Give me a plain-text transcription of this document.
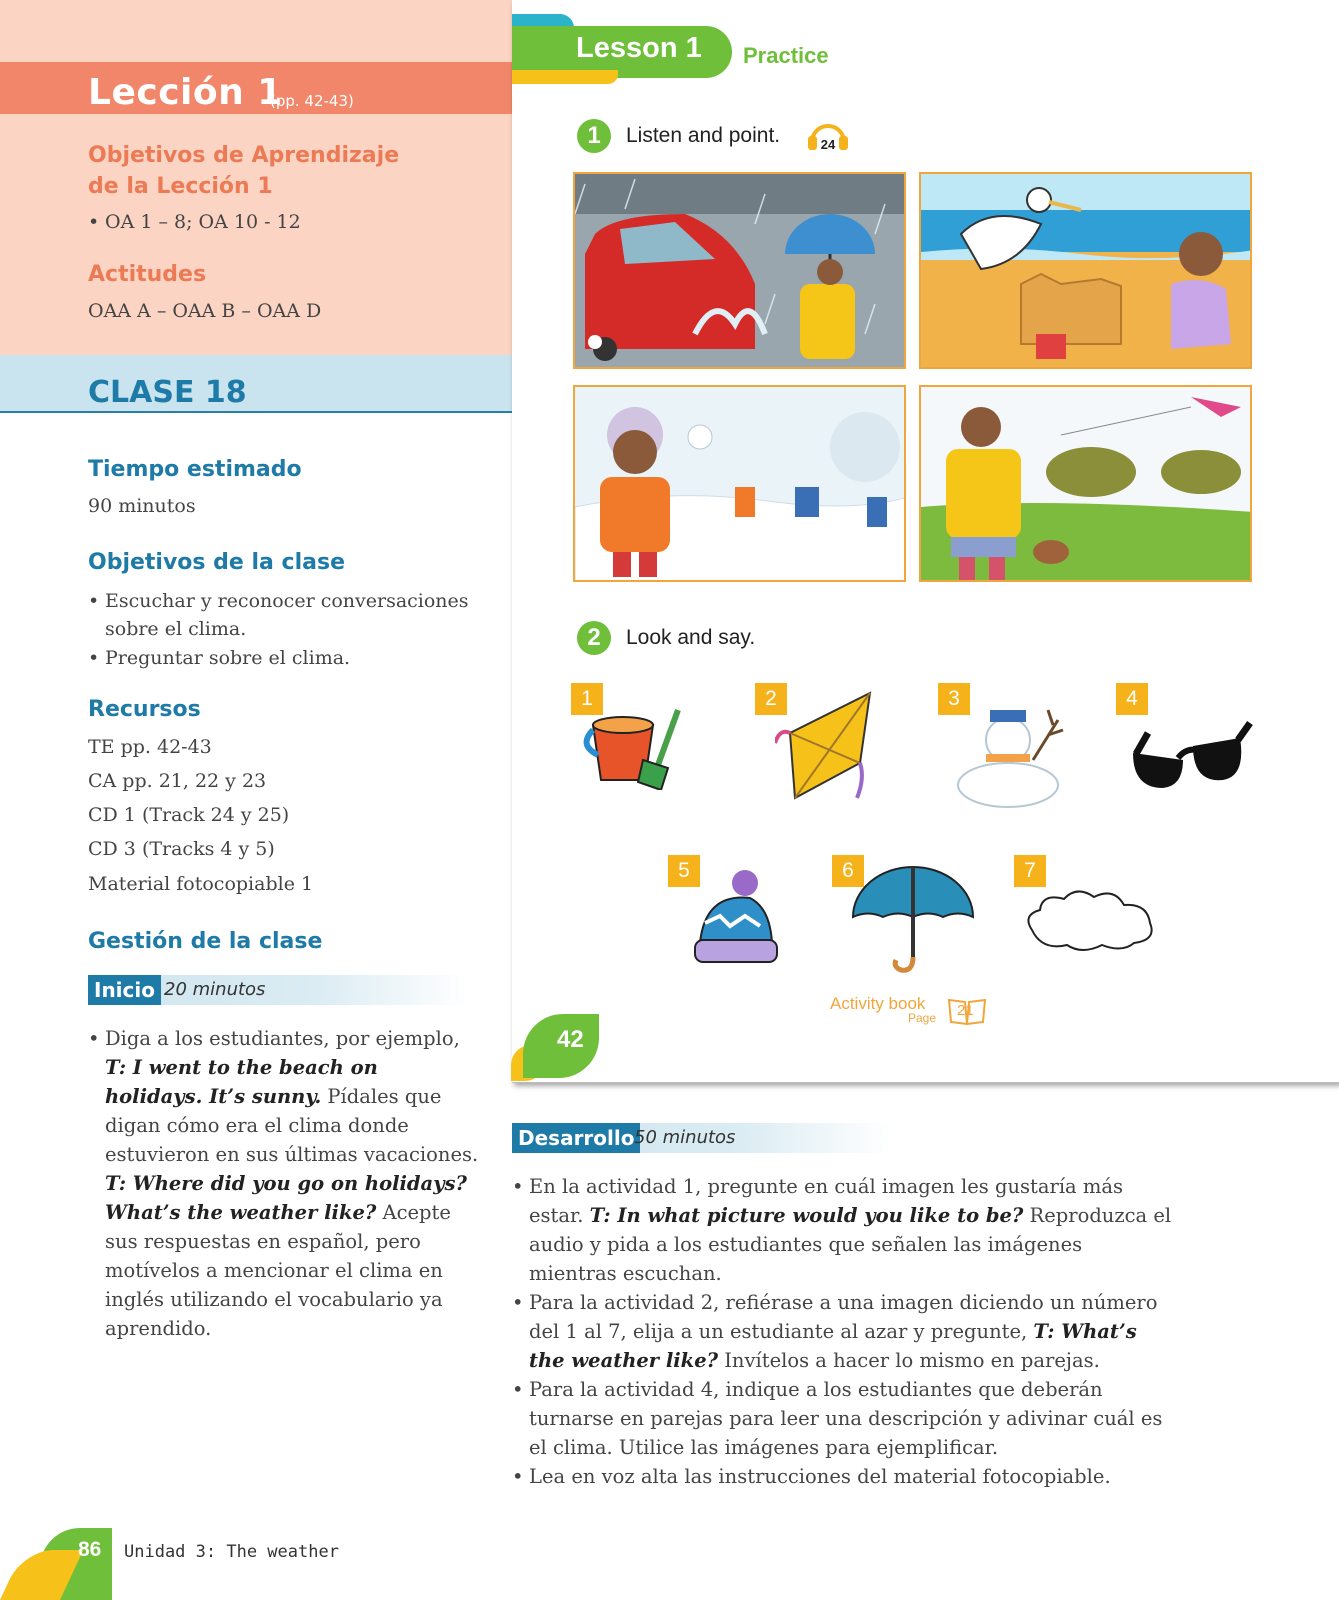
Lección 1
(pp. 42-43)
Objetivos de Aprendizaje
de la Lección 1
• OA 1 – 8; OA 10 - 12
Actitudes
OAA A – OAA B – OAA D
CLASE 18
Tiempo estimado
90 minutos
Objetivos de la clase
• Escuchar y reconocer conversaciones
sobre el clima.
• Preguntar sobre el clima.
Recursos
TE pp. 42-43
CA pp. 21, 22 y 23
CD 1 (Track 24 y 25)
CD 3 (Tracks 4 y 5)
Material fotocopiable 1
Gestión de la clase
Inicio 20 minutos
• Diga a los estudiantes, por ejemplo, T: I went to the beach on holidays. It’s sunny. Pídales que digan cómo era el clima donde estuvieron en sus últimas vacaciones. T: Where did you go on holidays? What’s the weather like? Acepte sus respuestas en español, pero motívelos a mencionar el clima en inglés utilizando el vocabulario ya aprendido.
Lesson 1 Practice
1	Listen and point.	24
2	Look and say.
1	2	3	4
5	6	7
Activity book
Page 21
42
Desarrollo 50 minutos
• En la actividad 1, pregunte en cuál imagen les gustaría más estar. T: In what picture would you like to be? Reproduzca el audio y pida a los estudiantes que señalen las imágenes mientras escuchan.
• Para la actividad 2, refiérase a una imagen diciendo un número del 1 al 7, elija a un estudiante al azar y pregunte, T: What’s the weather like? Invítelos a hacer lo mismo en parejas.
• Para la actividad 4, indique a los estudiantes que deberán turnarse en parejas para leer una descripción y adivinar cuál es el clima. Utilice las imágenes para ejemplificar.
• Lea en voz alta las instrucciones del material fotocopiable.
86 Unidad 3: The weather
